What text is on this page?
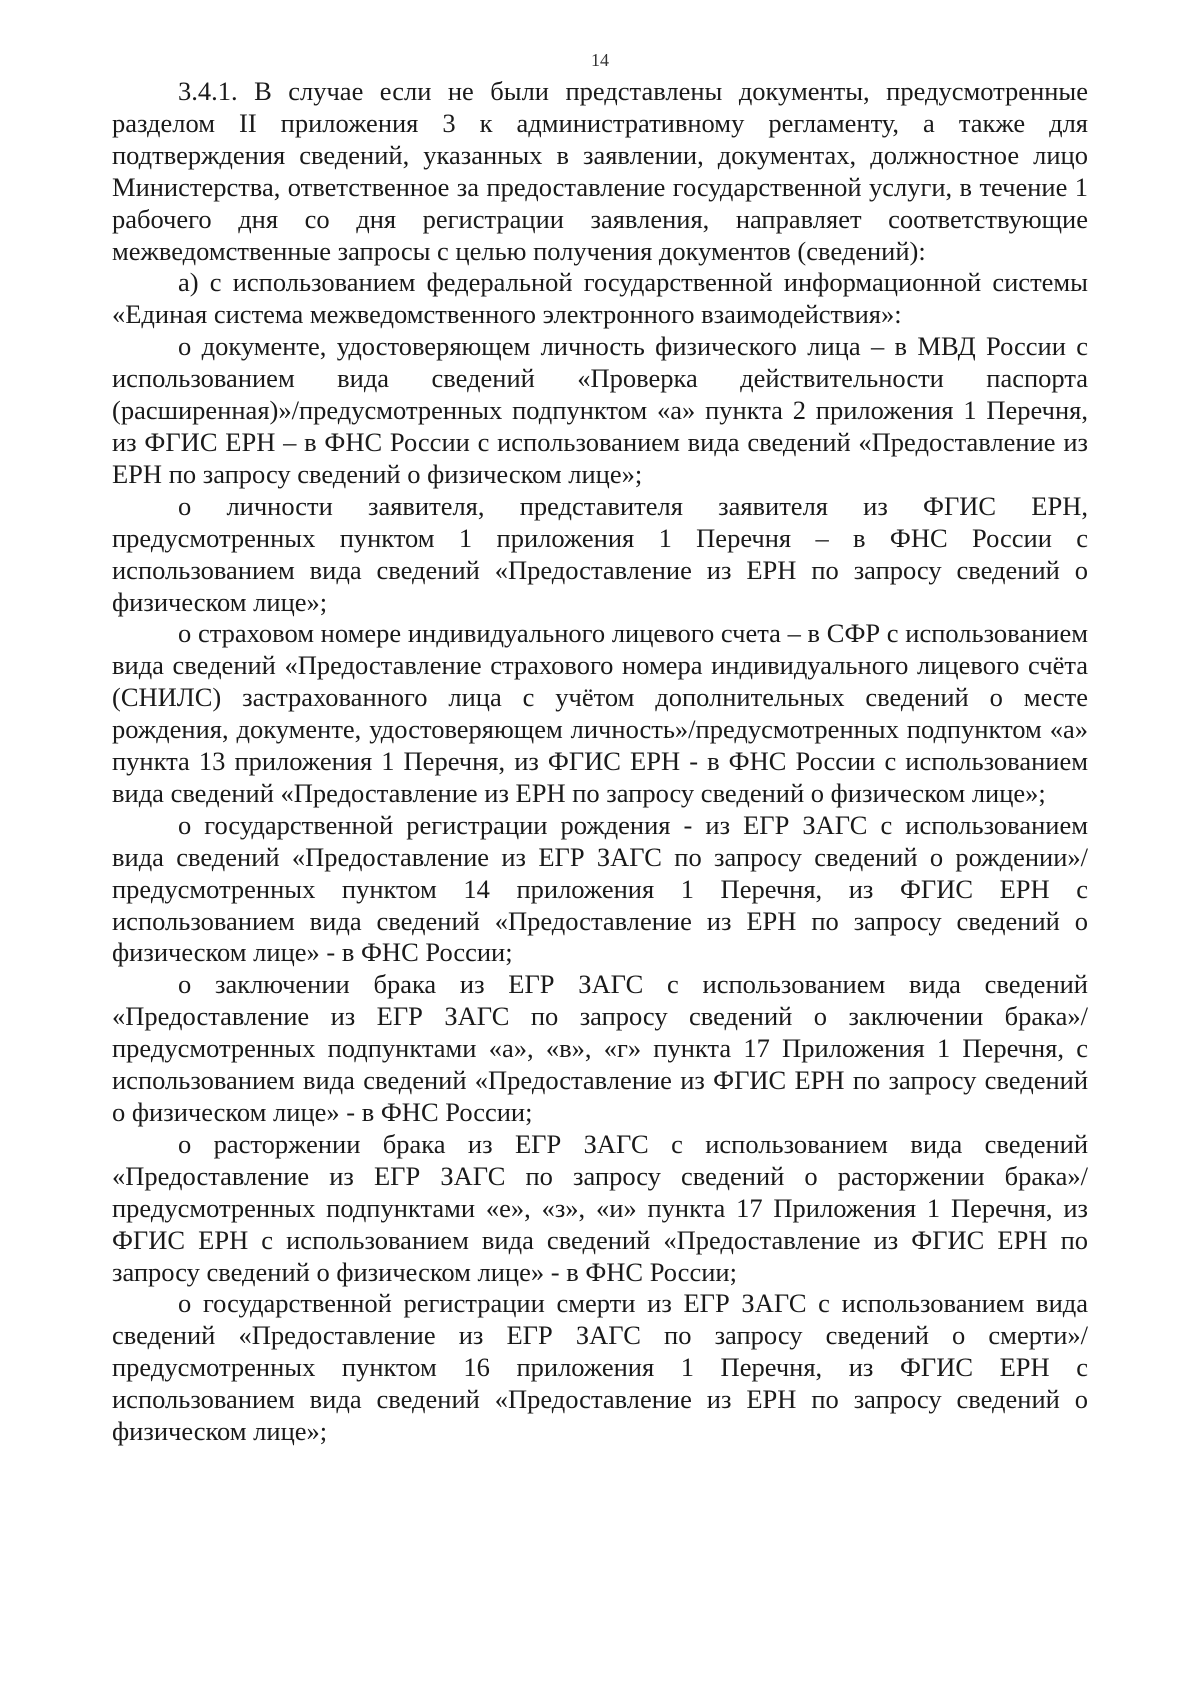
14

3.4.1. В случае если не были представлены документы, предусмотренные разделом II приложения 3 к административному регламенту, а также для подтверждения сведений, указанных в заявлении, документах, должностное лицо Министерства, ответственное за предоставление государственной услуги, в течение 1 рабочего дня со дня регистрации заявления, направляет соответствующие межведомственные запросы с целью получения документов (сведений):

а) с использованием федеральной государственной информационной системы «Единая система межведомственного электронного взаимодействия»:

о документе, удостоверяющем личность физического лица – в МВД России с использованием вида сведений «Проверка действительности паспорта (расширенная)»/предусмотренных подпунктом «а» пункта 2 приложения 1 Перечня, из ФГИС ЕРН – в ФНС России с использованием вида сведений «Предоставление из ЕРН по запросу сведений о физическом лице»;

о личности заявителя, представителя заявителя из ФГИС ЕРН, предусмотренных пунктом 1 приложения 1 Перечня – в ФНС России с использованием вида сведений «Предоставление из ЕРН по запросу сведений о физическом лице»;

о страховом номере индивидуального лицевого счета – в СФР с использованием вида сведений «Предоставление страхового номера индивидуального лицевого счёта (СНИЛС) застрахованного лица с учётом дополнительных сведений о месте рождения, документе, удостоверяющем личность»/предусмотренных подпунктом «а» пункта 13 приложения 1 Перечня, из ФГИС ЕРН - в ФНС России с использованием вида сведений «Предоставление из ЕРН по запросу сведений о физическом лице»;

о государственной регистрации рождения - из ЕГР ЗАГС с использованием вида сведений «Предоставление из ЕГР ЗАГС по запросу сведений о рождении»/предусмотренных пунктом 14 приложения 1 Перечня, из ФГИС ЕРН с использованием вида сведений «Предоставление из ЕРН по запросу сведений о физическом лице» - в ФНС России;

о заключении брака из ЕГР ЗАГС с использованием вида сведений «Предоставление из ЕГР ЗАГС по запросу сведений о заключении брака»/предусмотренных подпунктами «а», «в», «г» пункта 17 Приложения 1 Перечня, с использованием вида сведений «Предоставление из ФГИС ЕРН по запросу сведений о физическом лице» - в ФНС России;

о расторжении брака из ЕГР ЗАГС с использованием вида сведений «Предоставление из ЕГР ЗАГС по запросу сведений о расторжении брака»/предусмотренных подпунктами «е», «з», «и» пункта 17 Приложения 1 Перечня, из ФГИС ЕРН с использованием вида сведений «Предоставление из ФГИС ЕРН по запросу сведений о физическом лице» - в ФНС России;

о государственной регистрации смерти из ЕГР ЗАГС с использованием вида сведений «Предоставление из ЕГР ЗАГС по запросу сведений о смерти»/предусмотренных пунктом 16 приложения 1 Перечня, из ФГИС ЕРН с использованием вида сведений «Предоставление из ЕРН по запросу сведений о физическом лице»;
